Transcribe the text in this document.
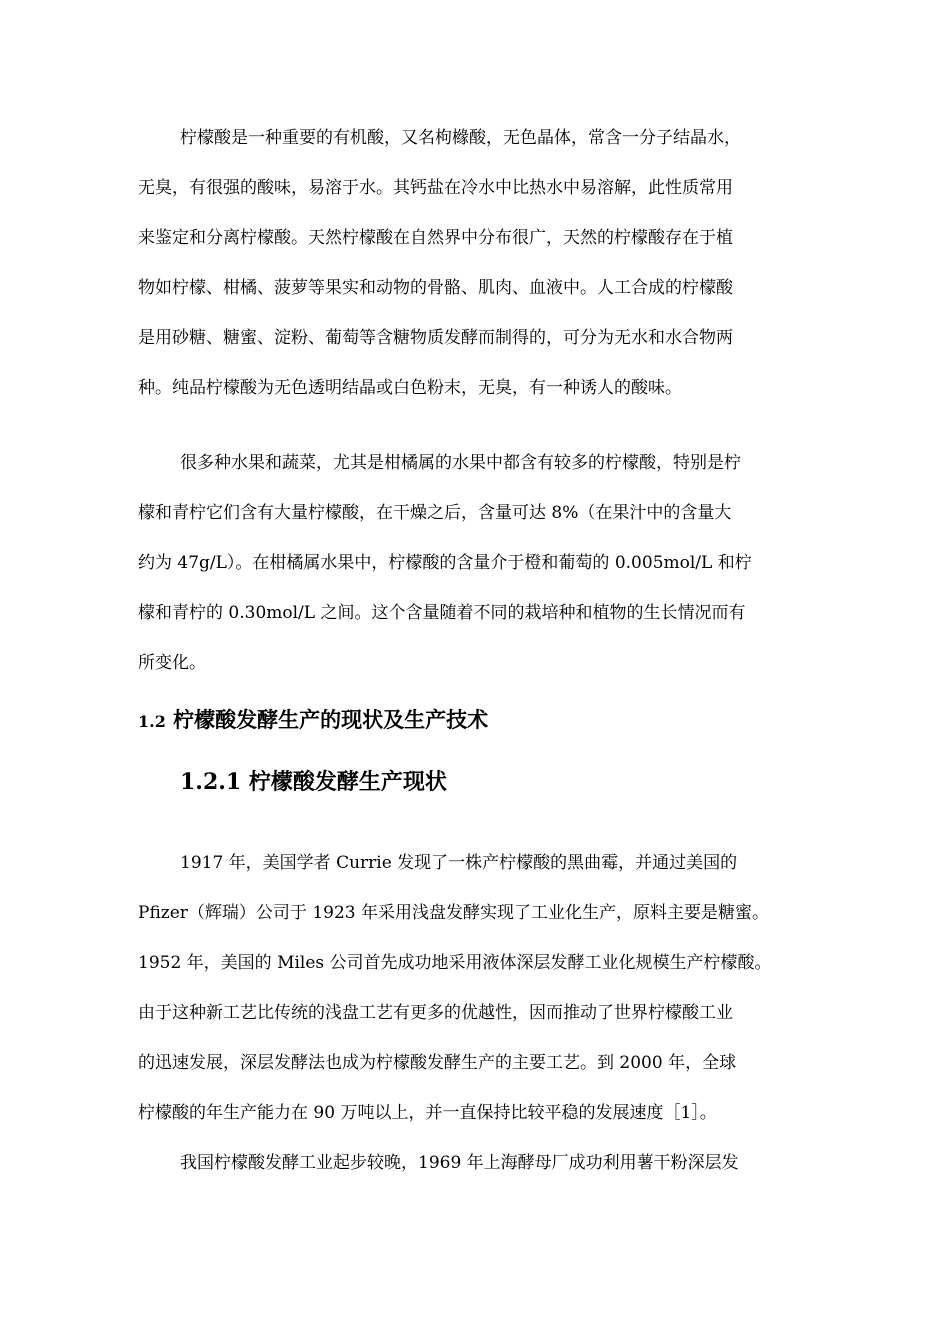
柠檬酸是一种重要的有机酸，又名枸橼酸，无色晶体，常含一分子结晶水，

无臭，有很强的酸味，易溶于水。其钙盐在冷水中比热水中易溶解，此性质常用

来鉴定和分离柠檬酸。天然柠檬酸在自然界中分布很广，天然的柠檬酸存在于植

物如柠檬、柑橘、菠萝等果实和动物的骨骼、肌肉、血液中。人工合成的柠檬酸

是用砂糖、糖蜜、淀粉、葡萄等含糖物质发酵而制得的，可分为无水和水合物两

种。纯品柠檬酸为无色透明结晶或白色粉末，无臭，有一种诱人的酸味。

很多种水果和蔬菜，尤其是柑橘属的水果中都含有较多的柠檬酸，特别是柠

檬和青柠它们含有大量柠檬酸，在干燥之后，含量可达 8%（在果汁中的含量大

约为 47g/L）。在柑橘属水果中，柠檬酸的含量介于橙和葡萄的 0.005mol/L 和柠

檬和青柠的 0.30mol/L 之间。这个含量随着不同的栽培种和植物的生长情况而有

所变化。

1.2 柠檬酸发酵生产的现状及生产技术
1.2.1 柠檬酸发酵生产现状

1917 年，美国学者 Currie 发现了一株产柠檬酸的黑曲霉，并通过美国的

Pfizer（辉瑞）公司于 1923 年采用浅盘发酵实现了工业化生产，原料主要是糖蜜。

1952 年，美国的 Miles 公司首先成功地采用液体深层发酵工业化规模生产柠檬酸。

由于这种新工艺比传统的浅盘工艺有更多的优越性，因而推动了世界柠檬酸工业

的迅速发展，深层发酵法也成为柠檬酸发酵生产的主要工艺。到 2000 年，全球

柠檬酸的年生产能力在 90 万吨以上，并一直保持比较平稳的发展速度［1］。

我国柠檬酸发酵工业起步较晚，1969 年上海酵母厂成功利用薯干粉深层发
